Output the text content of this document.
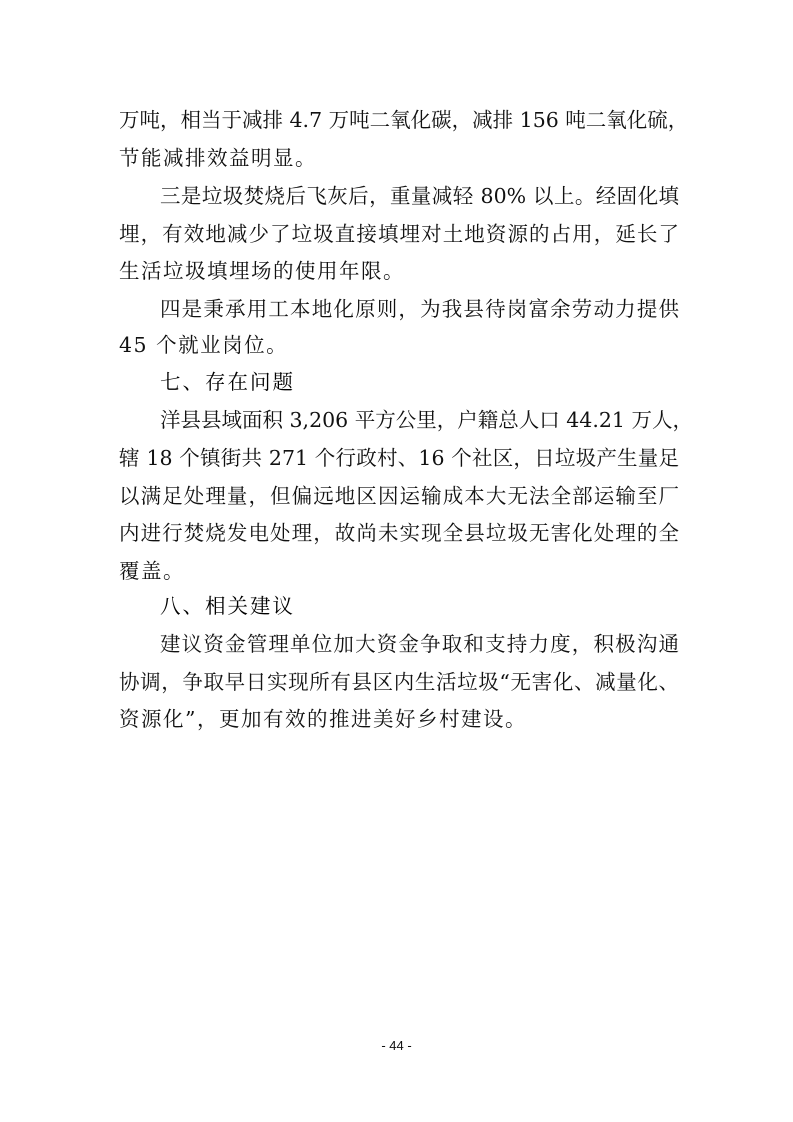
万吨，相当于减排 4.7 万吨二氧化碳，减排 156 吨二氧化硫，
节能减排效益明显。
三是垃圾焚烧后飞灰后，重量减轻 80% 以上。经固化填
埋，有效地减少了垃圾直接填埋对土地资源的占用，延长了
生活垃圾填埋场的使用年限。
四是秉承用工本地化原则，为我县待岗富余劳动力提供
45 个就业岗位。
七、存在问题
洋县县域面积 3,206 平方公里，户籍总人口 44.21 万人，
辖 18 个镇街共 271 个行政村、16 个社区，日垃圾产生量足
以满足处理量，但偏远地区因运输成本大无法全部运输至厂
内进行焚烧发电处理，故尚未实现全县垃圾无害化处理的全
覆盖。
八、相关建议
建议资金管理单位加大资金争取和支持力度，积极沟通
协调，争取早日实现所有县区内生活垃圾“无害化、减量化、
资源化”，更加有效的推进美好乡村建设。
- 44 -
